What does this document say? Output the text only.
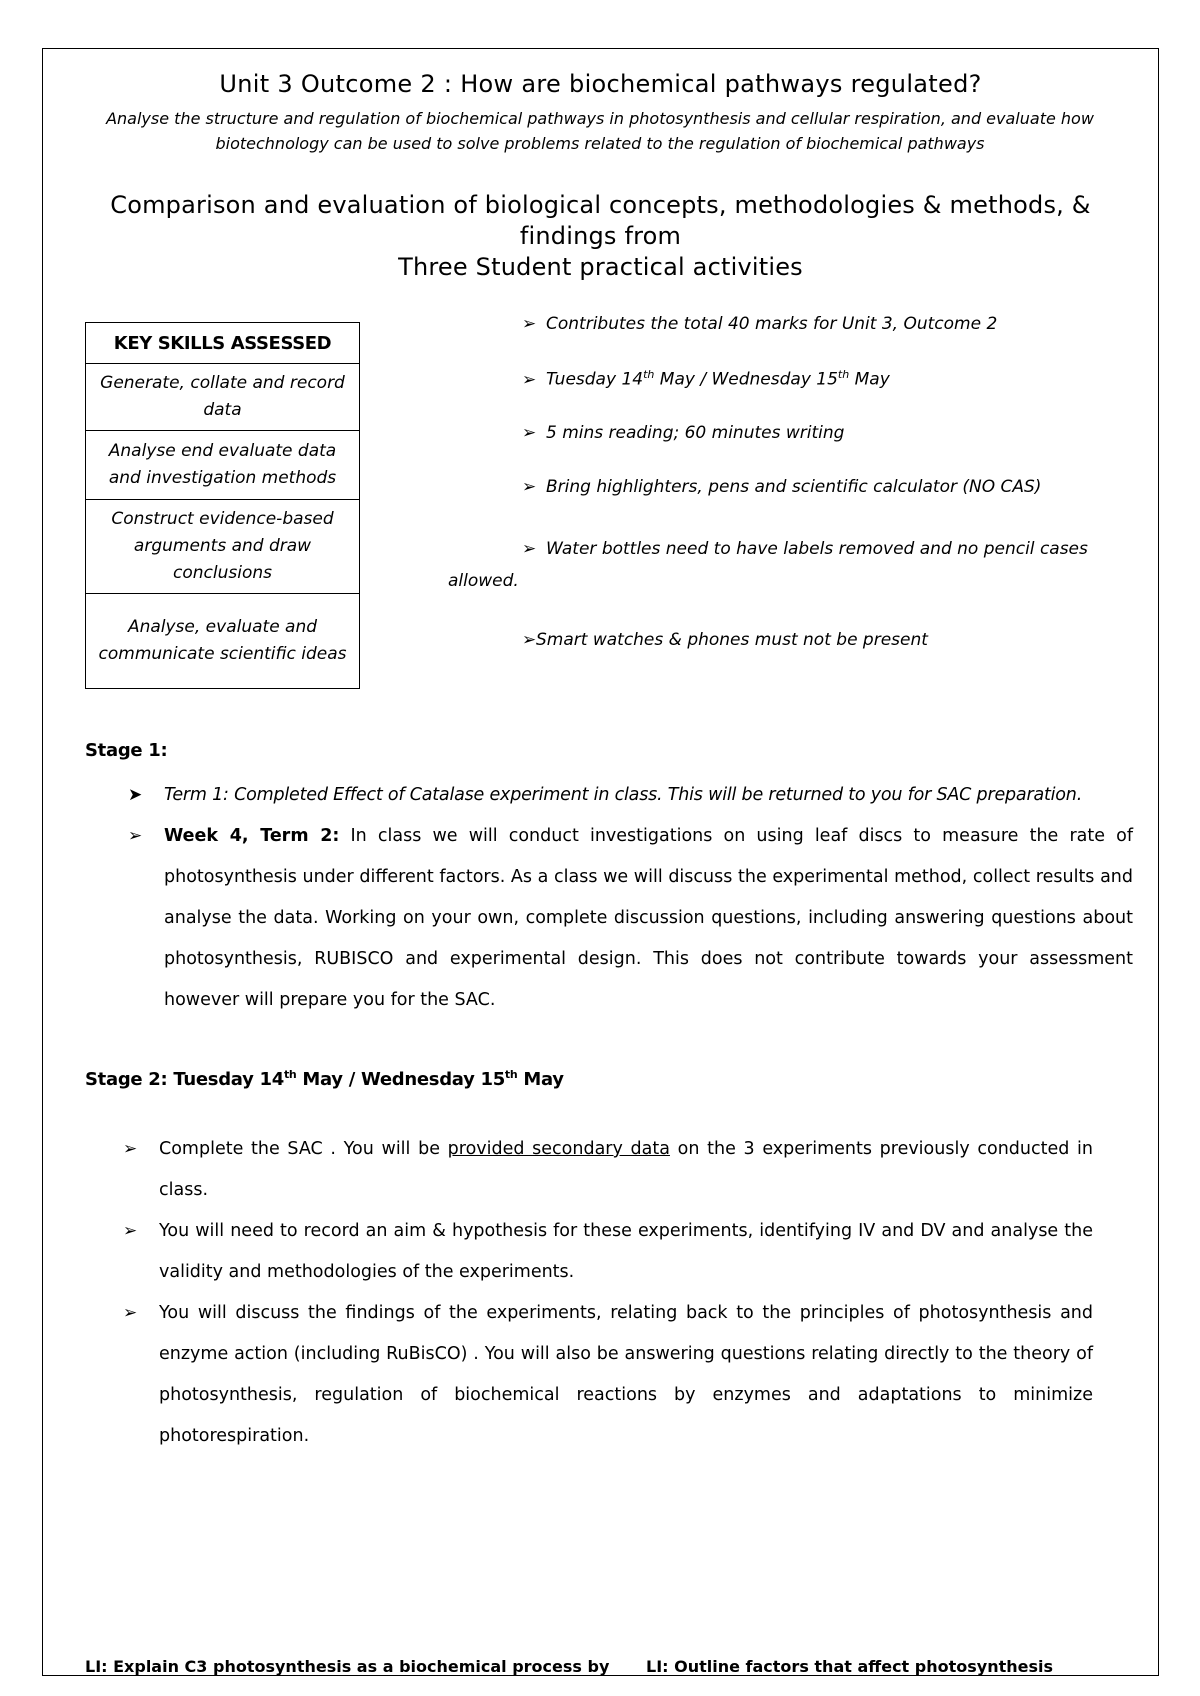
Unit 3 Outcome 2 : How are biochemical pathways regulated?
Analyse the structure and regulation of biochemical pathways in photosynthesis and cellular respiration, and evaluate how
biotechnology can be used to solve problems related to the regulation of biochemical pathways
Comparison and evaluation of biological concepts, methodologies & methods, &
findings from
Three Student practical activities
KEY SKILLS ASSESSED
Generate, collate and record data
Analyse end evaluate data and investigation methods
Construct evidence-based arguments and draw conclusions
Analyse, evaluate and communicate scientific ideas
➢ Contributes the total 40 marks for Unit 3, Outcome 2
➢ Tuesday 14th May / Wednesday 15th May
➢ 5 mins reading; 60 minutes writing
➢ Bring highlighters, pens and scientific calculator (NO CAS)
➢ Water bottles need to have labels removed and no pencil cases
allowed.
➢Smart watches & phones must not be present
Stage 1:
➤	Term 1: Completed Effect of Catalase experiment in class. This will be returned to you for SAC preparation.
➢	Week 4, Term 2: In class we will conduct investigations on using leaf discs to measure the rate of photosynthesis under different factors. As a class we will discuss the experimental method, collect results and analyse the data. Working on your own, complete discussion questions, including answering questions about photosynthesis, RUBISCO and experimental design. This does not contribute towards your assessment however will prepare you for the SAC.
Stage 2: Tuesday 14th May / Wednesday 15th May
➢	Complete the SAC . You will be provided secondary data on the 3 experiments previously conducted in class.
➢	You will need to record an aim & hypothesis for these experiments, identifying IV and DV and analyse the validity and methodologies of the experiments.
➢	You will discuss the findings of the experiments, relating back to the principles of photosynthesis and enzyme action (including RuBisCO) . You will also be answering questions relating directly to the theory of photosynthesis, regulation of biochemical reactions by enzymes and adaptations to minimize photorespiration.
LI: Explain C3 photosynthesis as a biochemical process by LI: Outline factors that affect photosynthesis
